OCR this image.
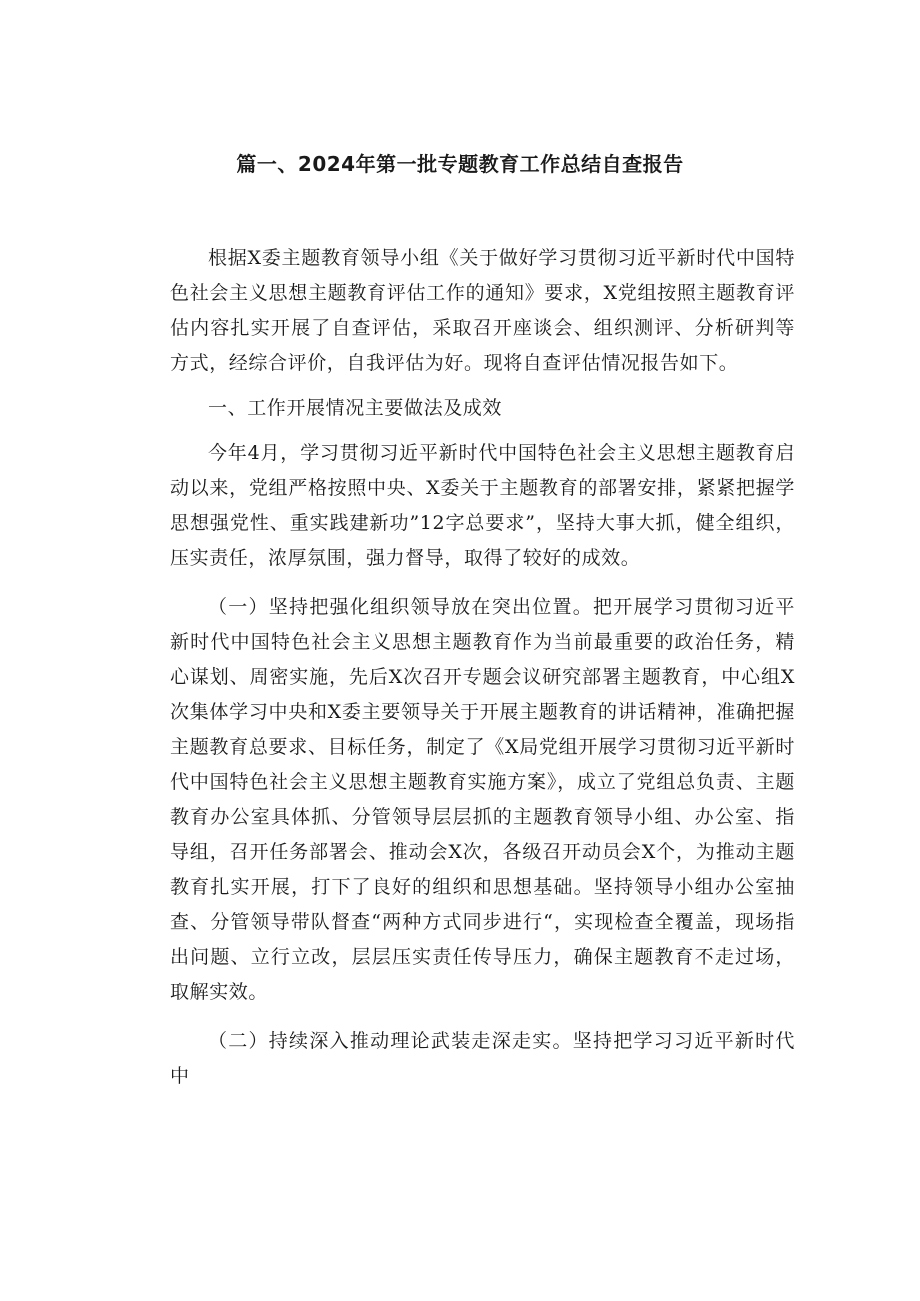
篇一、2024年第一批专题教育工作总结自查报告

根据X委主题教育领导小组《关于做好学习贯彻习近平新时代中国特色社会主义思想主题教育评估工作的通知》要求，X党组按照主题教育评估内容扎实开展了自查评估，采取召开座谈会、组织测评、分析研判等方式，经综合评价，自我评估为好。现将自查评估情况报告如下。

一、工作开展情况主要做法及成效

今年4月，学习贯彻习近平新时代中国特色社会主义思想主题教育启动以来，党组严格按照中央、X委关于主题教育的部署安排，紧紧把握学思想强党性、重实践建新功”12字总要求”，坚持大事大抓，健全组织，压实责任，浓厚氛围，强力督导，取得了较好的成效。

（一）坚持把强化组织领导放在突出位置。把开展学习贯彻习近平新时代中国特色社会主义思想主题教育作为当前最重要的政治任务，精心谋划、周密实施，先后X次召开专题会议研究部署主题教育，中心组X次集体学习中央和X委主要领导关于开展主题教育的讲话精神，准确把握主题教育总要求、目标任务，制定了《X局党组开展学习贯彻习近平新时代中国特色社会主义思想主题教育实施方案》，成立了党组总负责、主题教育办公室具体抓、分管领导层层抓的主题教育领导小组、办公室、指导组，召开任务部署会、推动会X次，各级召开动员会X个，为推动主题教育扎实开展，打下了良好的组织和思想基础。坚持领导小组办公室抽查、分管领导带队督查“两种方式同步进行“，实现检查全覆盖，现场指出问题、立行立改，层层压实责任传导压力，确保主题教育不走过场，取解实效。

（二）持续深入推动理论武装走深走实。坚持把学习习近平新时代中
